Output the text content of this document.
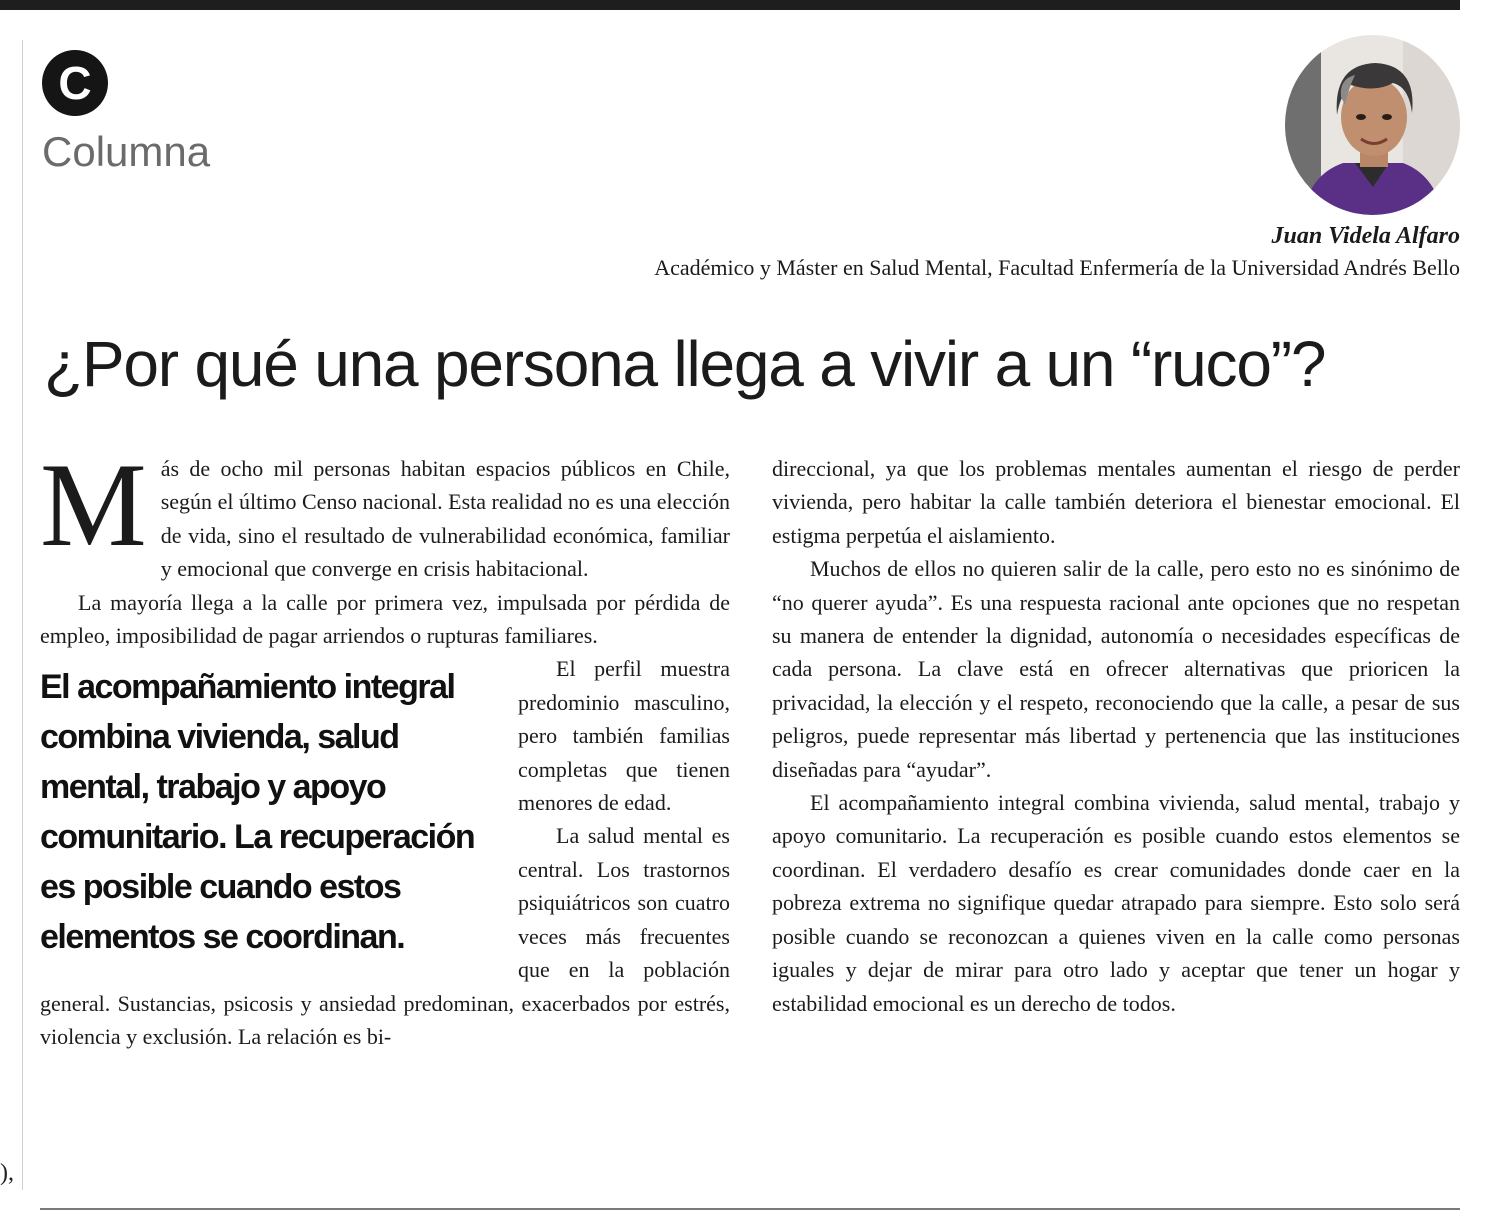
),
C
Columna
Juan Videla Alfaro
Académico y Máster en Salud Mental, Facultad Enfermería de la Universidad Andrés Bello
¿Por qué una persona llega a vivir a un “ruco”?

Más de ocho mil personas habitan espacios públicos en Chile, según el último Censo nacional. Esta realidad no es una elección de vida, sino el resultado de vulnerabilidad económica, familiar y emocional que converge en crisis habitacional.

La mayoría llega a la calle por primera vez, impulsada por pérdida de empleo, imposibilidad de pagar arriendos o rupturas familiares.

El acompañamiento integral combina vivienda, salud mental, trabajo y apoyo comunitario. La recuperación es posible cuando estos elementos se coordinan.

El perfil muestra predominio masculino, pero también familias completas que tienen menores de edad.

La salud mental es central. Los trastornos psiquiátricos son cuatro veces más frecuentes que en la población general. Sustancias, psicosis y ansiedad predominan, exacerbados por estrés, violencia y exclusión. La relación es bi-

direccional, ya que los problemas mentales aumentan el riesgo de perder vivienda, pero habitar la calle también deteriora el bienestar emocional. El estigma perpetúa el aislamiento.

Muchos de ellos no quieren salir de la calle, pero esto no es sinónimo de “no querer ayuda”. Es una respuesta racional ante opciones que no respetan su manera de entender la dignidad, autonomía o necesidades específicas de cada persona. La clave está en ofrecer alternativas que prioricen la privacidad, la elección y el respeto, reconociendo que la calle, a pesar de sus peligros, puede representar más libertad y pertenencia que las instituciones diseñadas para “ayudar”.

El acompañamiento integral combina vivienda, salud mental, trabajo y apoyo comunitario. La recuperación es posible cuando estos elementos se coordinan. El verdadero desafío es crear comunidades donde caer en la pobreza extrema no signifique quedar atrapado para siempre. Esto solo será posible cuando se reconozcan a quienes viven en la calle como personas iguales y dejar de mirar para otro lado y aceptar que tener un hogar y estabilidad emocional es un derecho de todos.
